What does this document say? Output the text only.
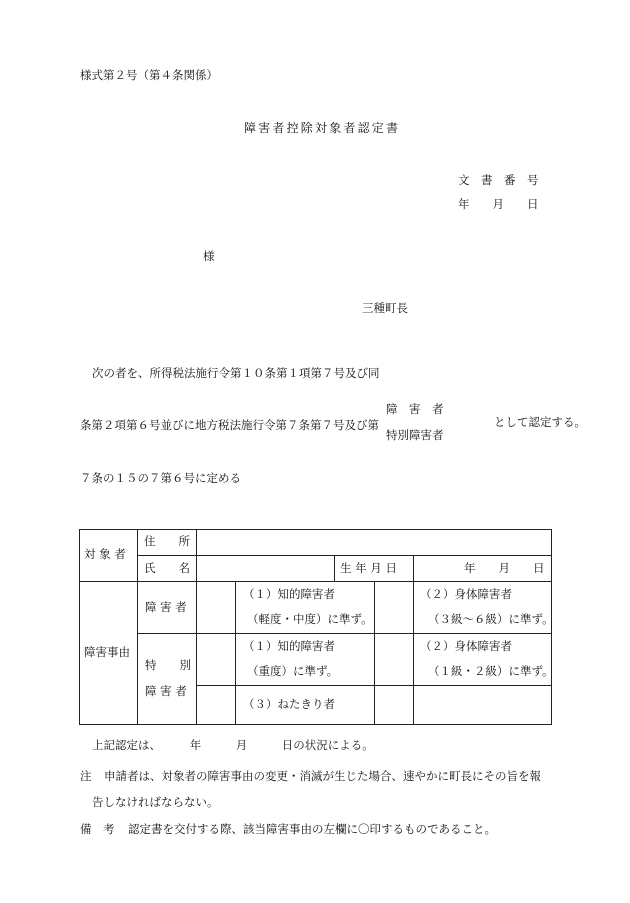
様式第２号（第４条関係）
障害者控除対象者認定書
文　書　番　号
年　　月　　日
様
三種町長
次の者を、所得税法施行令第１０条第１項第７号及び同
条第２項第６号並びに地方税法施行令第７条第７号及び第
障　害　者
特別障害者
として認定する。
７条の１５の７第６号に定める
対 象 者
住　　所
氏　　名	生 年 月 日	年　　月　　日
障害事由
障 害 者
特　　別
障 害 者
（１）知的障害者
（軽度・中度）に準ず。
（２）身体障害者
（３級～６級）に準ず。
（１）知的障害者
（重度）に準ず。
（２）身体障害者
（１級・２級）に準ず。
（３）ねたきり者
上記認定は、　　　年　　　月　　　日の状況による。
注 申請者は、対象者の障害事由の変更・消滅が生じた場合、速やかに町長にその旨を報
告しなければならない。
備　考 認定書を交付する際、該当障害事由の左欄に〇印するものであること。
